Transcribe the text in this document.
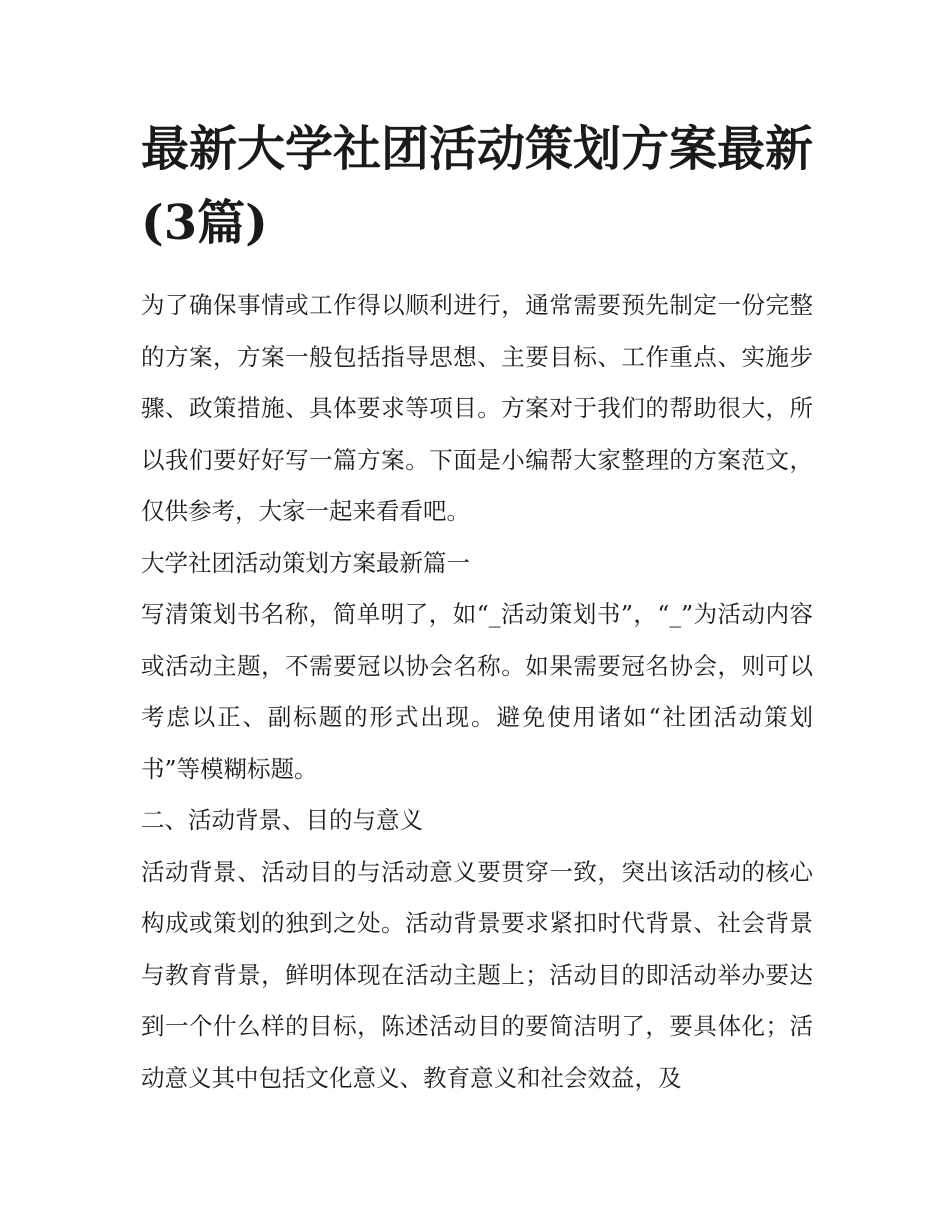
最新大学社团活动策划方案最新(3篇)

为了确保事情或工作得以顺利进行，通常需要预先制定一份完整的方案，方案一般包括指导思想、主要目标、工作重点、实施步骤、政策措施、具体要求等项目。方案对于我们的帮助很大，所以我们要好好写一篇方案。下面是小编帮大家整理的方案范文，仅供参考，大家一起来看看吧。

大学社团活动策划方案最新篇一

写清策划书名称，简单明了，如“_活动策划书”，“_”为活动内容或活动主题，不需要冠以协会名称。如果需要冠名协会，则可以考虑以正、副标题的形式出现。避免使用诸如“社团活动策划书”等模糊标题。

二、活动背景、目的与意义

活动背景、活动目的与活动意义要贯穿一致，突出该活动的核心构成或策划的独到之处。活动背景要求紧扣时代背景、社会背景与教育背景，鲜明体现在活动主题上；活动目的即活动举办要达到一个什么样的目标，陈述活动目的要简洁明了，要具体化；活动意义其中包括文化意义、教育意义和社会效益，及
